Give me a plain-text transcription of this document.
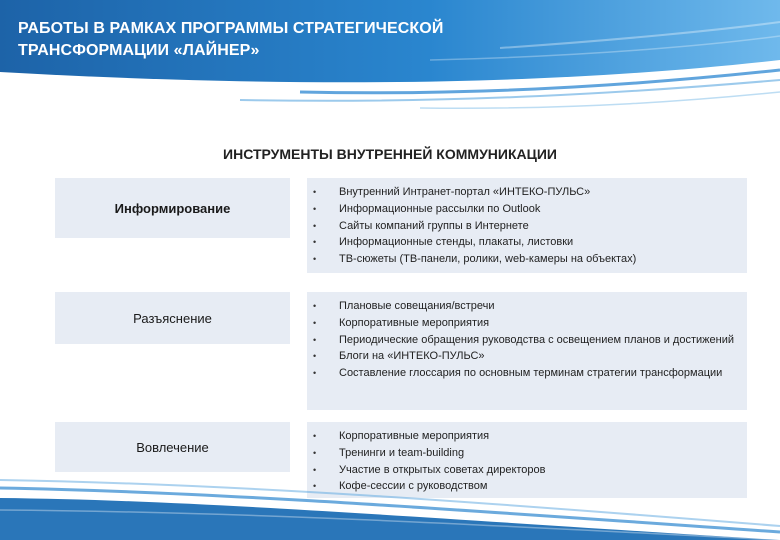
РАБОТЫ В РАМКАХ ПРОГРАММЫ СТРАТЕГИЧЕСКОЙ
ТРАНСФОРМАЦИИ «ЛАЙНЕР»
ИНСТРУМЕНТЫ ВНУТРЕННЕЙ КОММУНИКАЦИИ
Информирование
•	Внутренний Интранет-портал «ИНТЕКО-ПУЛЬС»
•	Информационные рассылки по Outlook
•	Сайты компаний группы в Интернете
•	Информационные стенды, плакаты, листовки
•	ТВ-сюжеты (ТВ-панели, ролики, web-камеры на объектах)
Разъяснение
•	Плановые совещания/встречи
•	Корпоративные мероприятия
•	Периодические обращения руководства с освещением планов и достижений
•	Блоги на «ИНТЕКО-ПУЛЬС»
•	Составление глоссария по основным терминам стратегии трансформации
Вовлечение
•	Корпоративные мероприятия
•	Тренинги и team-building
•	Участие в открытых советах директоров
•	Кофе-сессии с руководством
